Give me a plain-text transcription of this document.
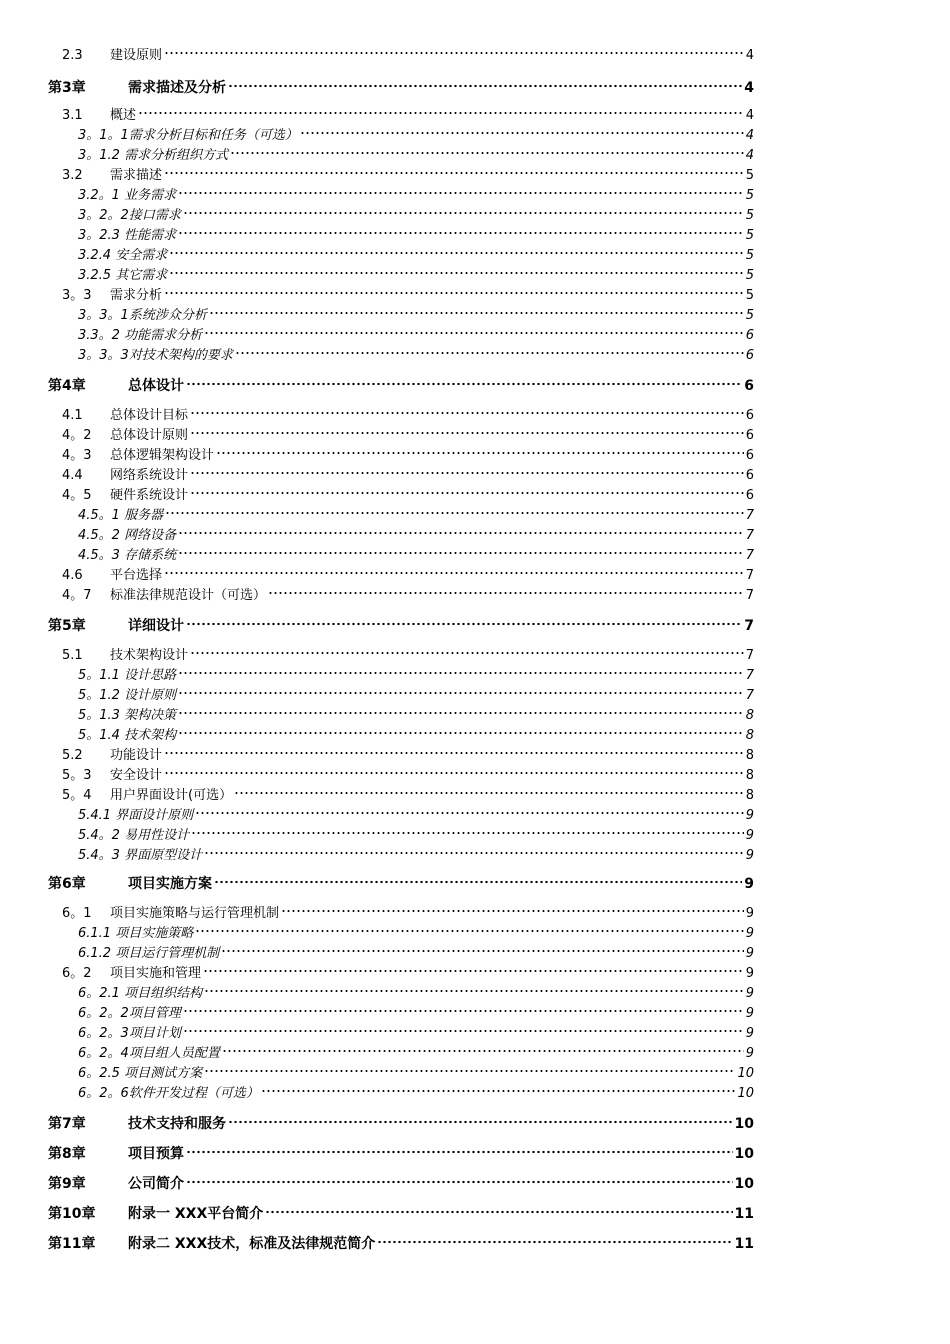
2.3 建设原则	4
第3章	需求描述及分析	4
3.1 概述	4
3。1。1需求分析目标和任务（可选）	4
3。1.2 需求分析组织方式	4
3.2 需求描述	5
3.2。1 业务需求	5
3。2。2接口需求	5
3。2.3 性能需求	5
3.2.4 安全需求	5
3.2.5 其它需求	5
3。3 需求分析	5
3。3。1系统涉众分析	5
3.3。2 功能需求分析	6
3。3。3对技术架构的要求	6
第4章	总体设计	6
4.1 总体设计目标	6
4。2 总体设计原则	6
4。3 总体逻辑架构设计	6
4.4 网络系统设计	6
4。5 硬件系统设计	6
4.5。1 服务器	7
4.5。2 网络设备	7
4.5。3 存储系统	7
4.6 平台选择	7
4。7 标准法律规范设计（可选）	7
第5章	详细设计	7
5.1 技术架构设计	7
5。1.1 设计思路	7
5。1.2 设计原则	7
5。1.3 架构决策	8
5。1.4 技术架构	8
5.2 功能设计	8
5。3 安全设计	8
5。4 用户界面设计(可选）	8
5.4.1 界面设计原则	9
5.4。2 易用性设计	9
5.4。3 界面原型设计	9
第6章	项目实施方案	9
6。1 项目实施策略与运行管理机制	9
6.1.1 项目实施策略	9
6.1.2 项目运行管理机制	9
6。2 项目实施和管理	9
6。2.1 项目组织结构	9
6。2。2项目管理	9
6。2。3项目计划	9
6。2。4项目组人员配置	9
6。2.5 项目测试方案	10
6。2。6软件开发过程（可选）	10
第7章	技术支持和服务	10
第8章	项目预算	10
第9章	公司简介	10
第10章 附录一 XXX平台简介	11
第11章 附录二 XXX技术，标准及法律规范简介	11
